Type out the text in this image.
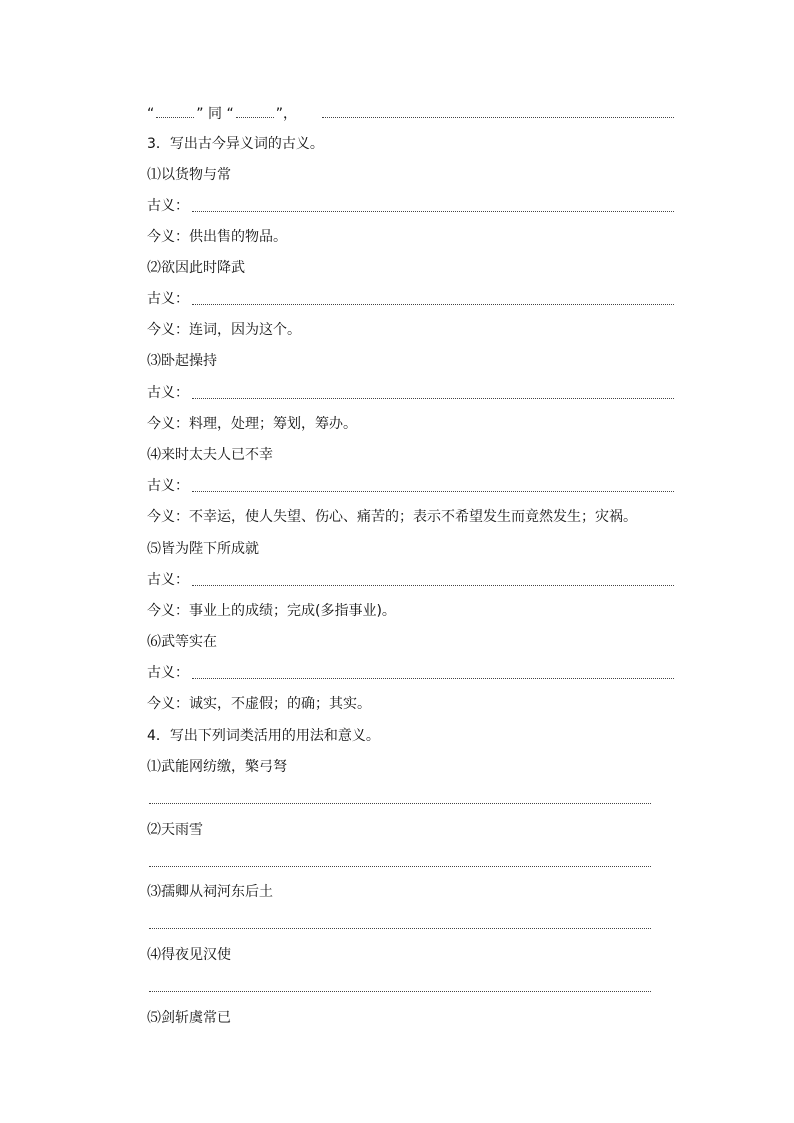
“	” 同 “	”，
3．写出古今异义词的古义。
⑴以货物与常
古义：
今义：供出售的物品。
⑵欲因此时降武
古义：
今义：连词，因为这个。
⑶卧起操持
古义：
今义：料理，处理；筹划，筹办。
⑷来时太夫人已不幸
古义：
今义：不幸运，使人失望、伤心、痛苦的；表示不希望发生而竟然发生；灾祸。
⑸皆为陛下所成就
古义：
今义：事业上的成绩；完成(多指事业)。
⑹武等实在
古义：
今义：诚实，不虚假；的确；其实。
4．写出下列词类活用的用法和意义。
⑴武能网纺缴，檠弓弩
⑵天雨雪
⑶孺卿从祠河东后土
⑷得夜见汉使
⑸剑斩虞常已
